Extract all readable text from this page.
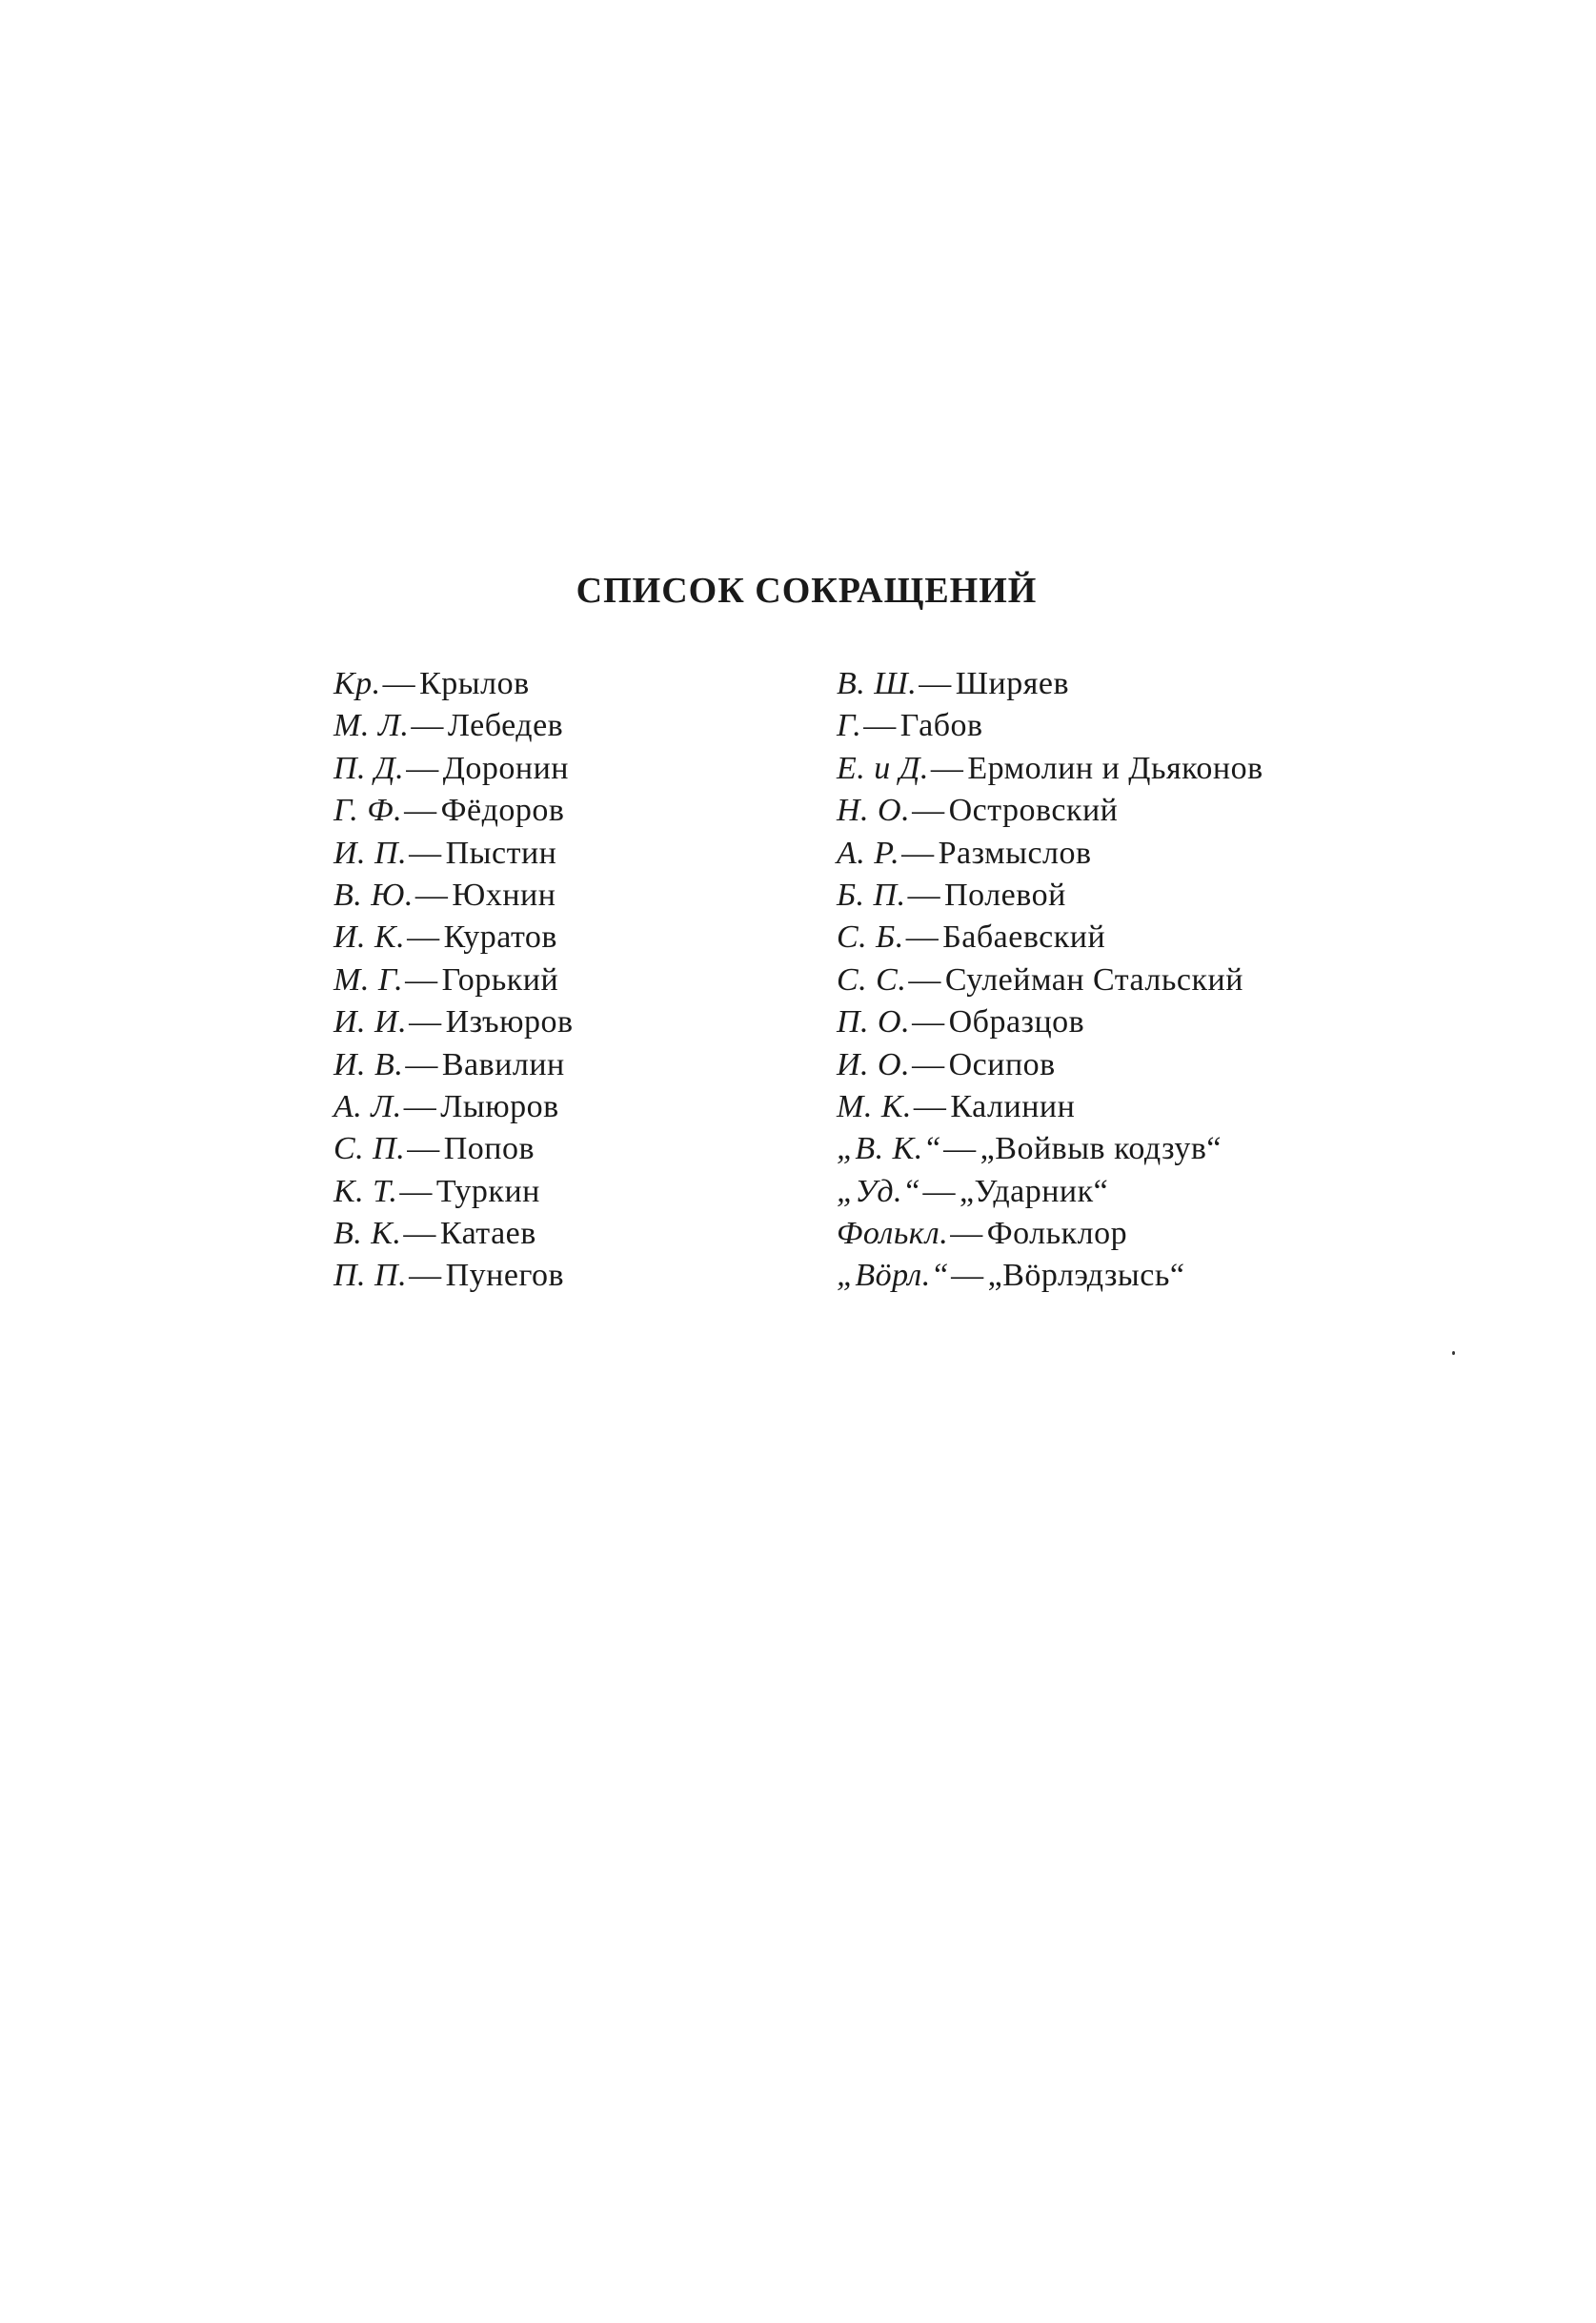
СПИСОК СОКРАЩЕНИЙ
Кр.— Крылов
М. Л.— Лебедев
П. Д.— Доронин
Г. Ф.— Фёдоров
И. П.— Пыстин
В. Ю.— Юхнин
И. К.— Куратов
М. Г.— Горький
И. И.— Изъюров
И. В.— Вавилин
А. Л.— Лыюров
С. П.— Попов
К. Т.— Туркин
В. К.— Катаев
П. П.— Пунегов
В. Ш.— Ширяев
Г.— Габов
Е. и Д.— Ермолин и Дьяконов
Н. О.— Островский
А. Р.— Размыслов
Б. П.— Полевой
С. Б.— Бабаевский
С. С.— Сулейман Стальский
П. О.— Образцов
И. О.— Осипов
М. К.— Калинин
„В. К.“— „Войвыв кодзув“
„Уд.“— „Ударник“
Фолькл.— Фольклор
„Вöрл.“— „Вöрлэдзысь“
